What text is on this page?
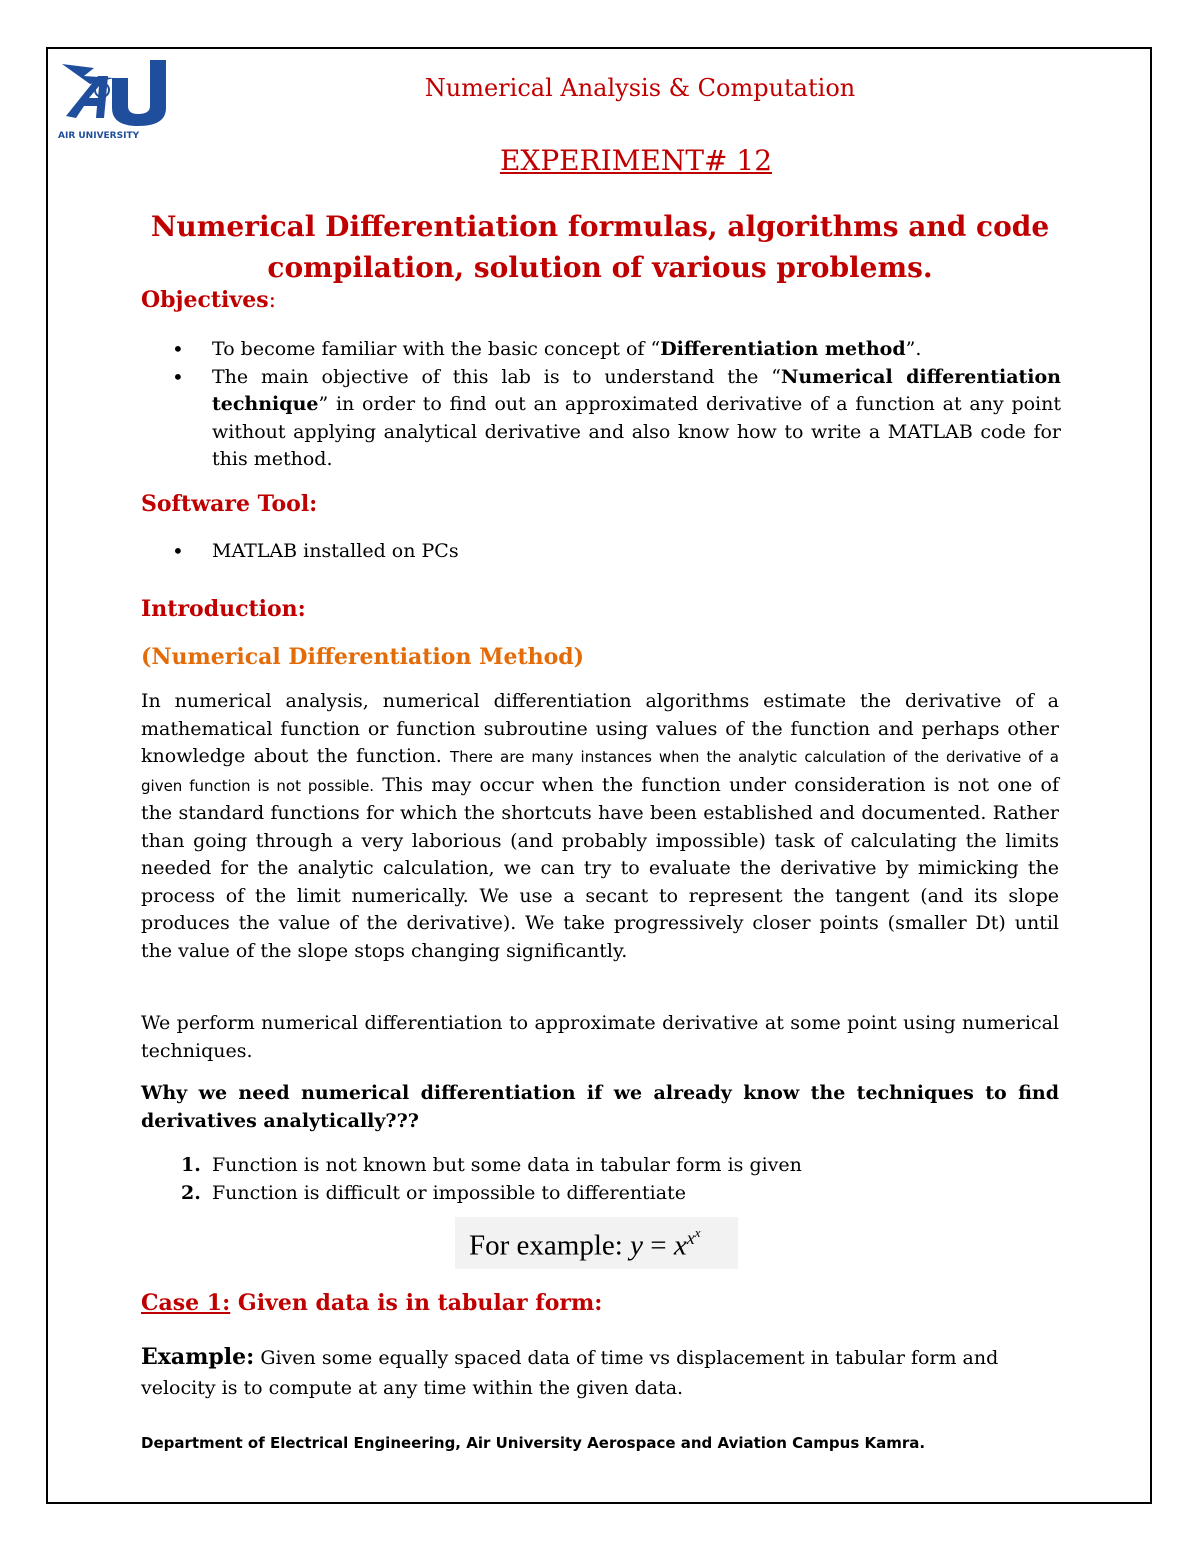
AIR UNIVERSITY
Numerical Analysis & Computation
EXPERIMENT# 12
Numerical Differentiation formulas, algorithms and code compilation, solution of various problems.
Objectives:
• To become familiar with the basic concept of “Differentiation method”.
• The main objective of this lab is to understand the “Numerical differentiation technique” in order to find out an approximated derivative of a function at any point without applying analytical derivative and also know how to write a MATLAB code for this method.
Software Tool:
• MATLAB installed on PCs
Introduction:
(Numerical Differentiation Method)

In numerical analysis, numerical differentiation algorithms estimate the derivative of a mathematical function or function subroutine using values of the function and perhaps other knowledge about the function. There are many instances when the analytic calculation of the derivative of a given function is not possible. This may occur when the function under consideration is not one of the standard functions for which the shortcuts have been established and documented. Rather than going through a very laborious (and probably impossible) task of calculating the limits needed for the analytic calculation, we can try to evaluate the derivative by mimicking the process of the limit numerically. We use a secant to represent the tangent (and its slope produces the value of the derivative). We take progressively closer points (smaller Dt) until the value of the slope stops changing significantly.

We perform numerical differentiation to approximate derivative at some point using numerical techniques.

Why we need numerical differentiation if we already know the techniques to find derivatives analytically???

1. Function is not known but some data in tabular form is given
2. Function is difficult or impossible to differentiate
For example: $y = x^{x^x}$
Case 1: Given data is in tabular form:

Example: Given some equally spaced data of time vs displacement in tabular form and velocity is to compute at any time within the given data.

Department of Electrical Engineering, Air University Aerospace and Aviation Campus Kamra.
